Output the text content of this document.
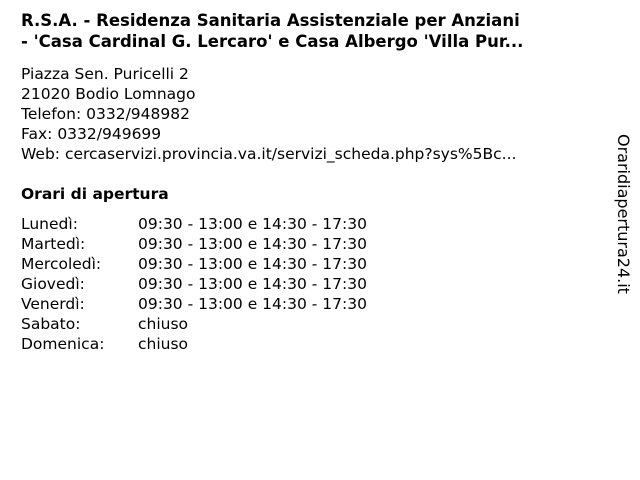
R.S.A. - Residenza Sanitaria Assistenziale per Anziani
- 'Casa Cardinal G. Lercaro' e Casa Albergo 'Villa Pur...
Piazza Sen. Puricelli 2
21020 Bodio Lomnago
Telefon: 0332/948982
Fax: 0332/949699
Web: cercaservizi.provincia.va.it/servizi_scheda.php?sys%5Bc...
Orari di apertura
Lunedì:	09:30 - 13:00 e 14:30 - 17:30
Martedì:	09:30 - 13:00 e 14:30 - 17:30
Mercoledì:	09:30 - 13:00 e 14:30 - 17:30
Giovedì:	09:30 - 13:00 e 14:30 - 17:30
Venerdì:	09:30 - 13:00 e 14:30 - 17:30
Sabato:	chiuso
Domenica:	chiuso
Oraridiapertura24.it
